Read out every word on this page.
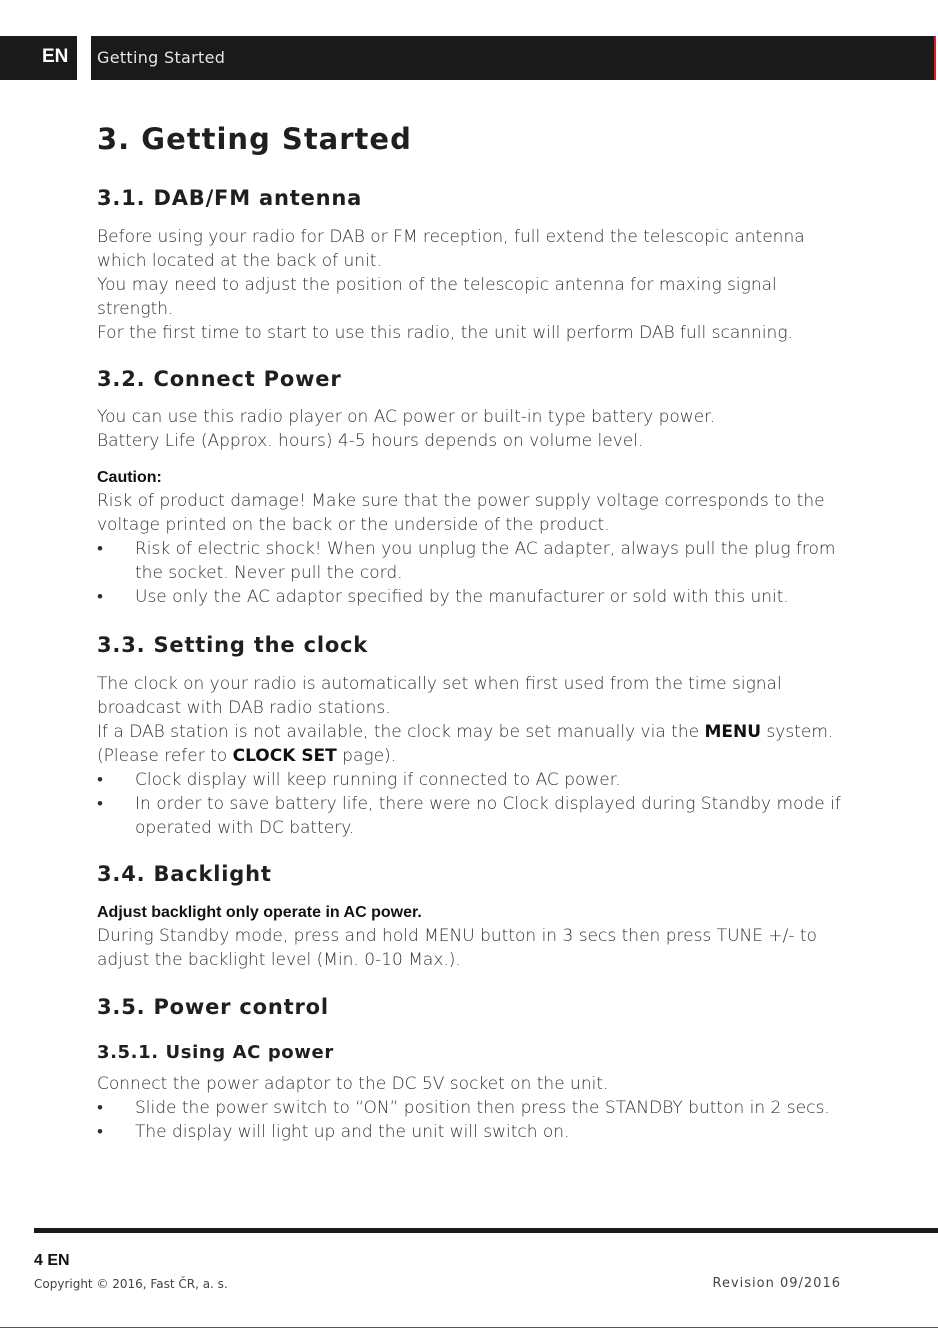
EN Getting Started
3. Getting Started
3.1. DAB/FM antenna
Before using your radio for DAB or FM reception, full extend the telescopic antenna
which located at the back of unit.
You may need to adjust the position of the telescopic antenna for maxing signal
strength.
For the first time to start to use this radio, the unit will perform DAB full scanning.
3.2. Connect Power
You can use this radio player on AC power or built-in type battery power.
Battery Life (Approx. hours) 4-5 hours depends on volume level.
Caution:
Risk of product damage! Make sure that the power supply voltage corresponds to the
voltage printed on the back or the underside of the product.
• Risk of electric shock! When you unplug the AC adapter, always pull the plug from
the socket. Never pull the cord.
• Use only the AC adaptor specified by the manufacturer or sold with this unit.
3.3. Setting the clock
The clock on your radio is automatically set when first used from the time signal
broadcast with DAB radio stations.
If a DAB station is not available, the clock may be set manually via the MENU system.
(Please refer to CLOCK SET page).
• Clock display will keep running if connected to AC power.
• In order to save battery life, there were no Clock displayed during Standby mode if
operated with DC battery.
3.4. Backlight
Adjust backlight only operate in AC power.
During Standby mode, press and hold MENU button in 3 secs then press TUNE +/- to
adjust the backlight level (Min. 0-10 Max.).
3.5. Power control
3.5.1. Using AC power
Connect the power adaptor to the DC 5V socket on the unit.
• Slide the power switch to “ON” position then press the STANDBY button in 2 secs.
• The display will light up and the unit will switch on.
4 EN
Copyright © 2016, Fast ČR, a. s.	Revision 09/2016
